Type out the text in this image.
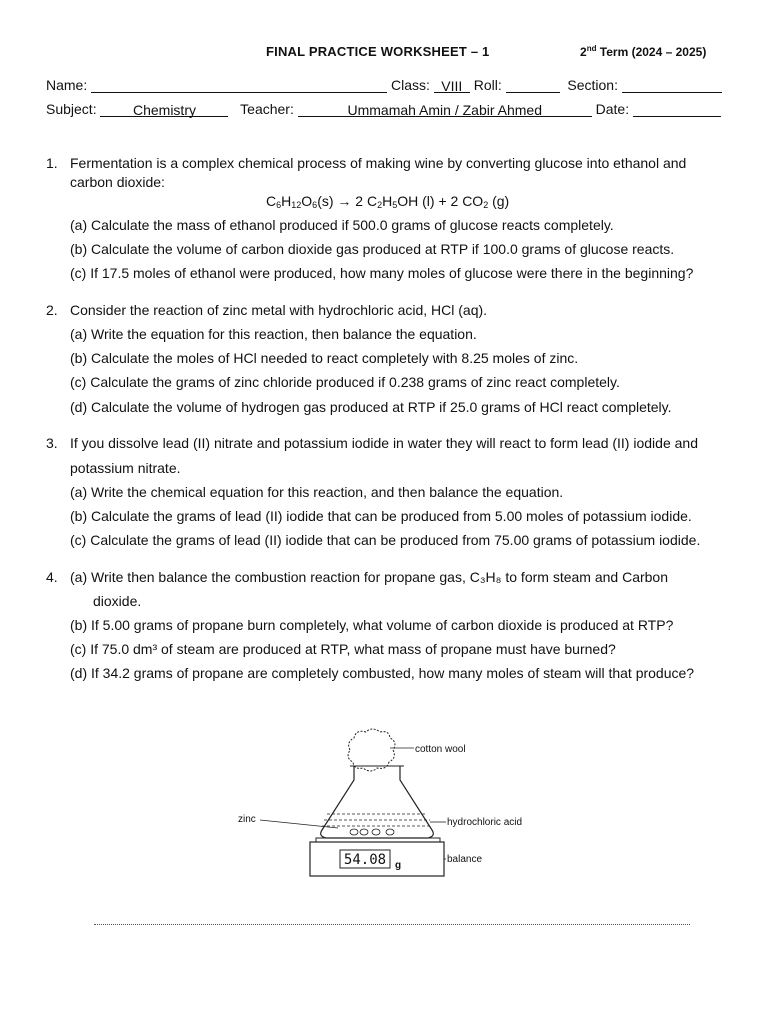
FINAL PRACTICE WORKSHEET – 1	2nd Term (2024 – 2025)
Name:	Class: VIII Roll:	Section:
Subject:	Chemistry	Teacher:	Ummamah Amin / Zabir Ahmed	Date:
1. Fermentation is a complex chemical process of making wine by converting glucose into ethanol and
carbon dioxide:
$C_6H_{12}O_6(s) \to 2$ $C_2H_5OH$ (l) + 2 $CO_2$ (g)
(a) Calculate the mass of ethanol produced if 500.0 grams of glucose reacts completely.
(b) Calculate the volume of carbon dioxide gas produced at RTP if 100.0 grams of glucose reacts.
(c) If 17.5 moles of ethanol were produced, how many moles of glucose were there in the beginning?
2. Consider the reaction of zinc metal with hydrochloric acid, HCl (aq).
(a) Write the equation for this reaction, then balance the equation.
(b) Calculate the moles of HCl needed to react completely with 8.25 moles of zinc.
(c) Calculate the grams of zinc chloride produced if 0.238 grams of zinc react completely.
(d) Calculate the volume of hydrogen gas produced at RTP if 25.0 grams of HCl react completely.
3. If you dissolve lead (II) nitrate and potassium iodide in water they will react to form lead (II) iodide and
potassium nitrate.
(a) Write the chemical equation for this reaction, and then balance the equation.
(b) Calculate the grams of lead (II) iodide that can be produced from 5.00 moles of potassium iodide.
(c) Calculate the grams of lead (II) iodide that can be produced from 75.00 grams of potassium iodide.
4. (a) Write then balance the combustion reaction for propane gas, C₃H₈ to form steam and Carbon
dioxide.
(b) If 5.00 grams of propane burn completely, what volume of carbon dioxide is produced at RTP?
(c) If 75.0 dm³ of steam are produced at RTP, what mass of propane must have burned?
(d) If 34.2 grams of propane are completely combusted, how many moles of steam will that produce?
54.08 g
cotton wool
zinc	hydrochloric acid
balance
